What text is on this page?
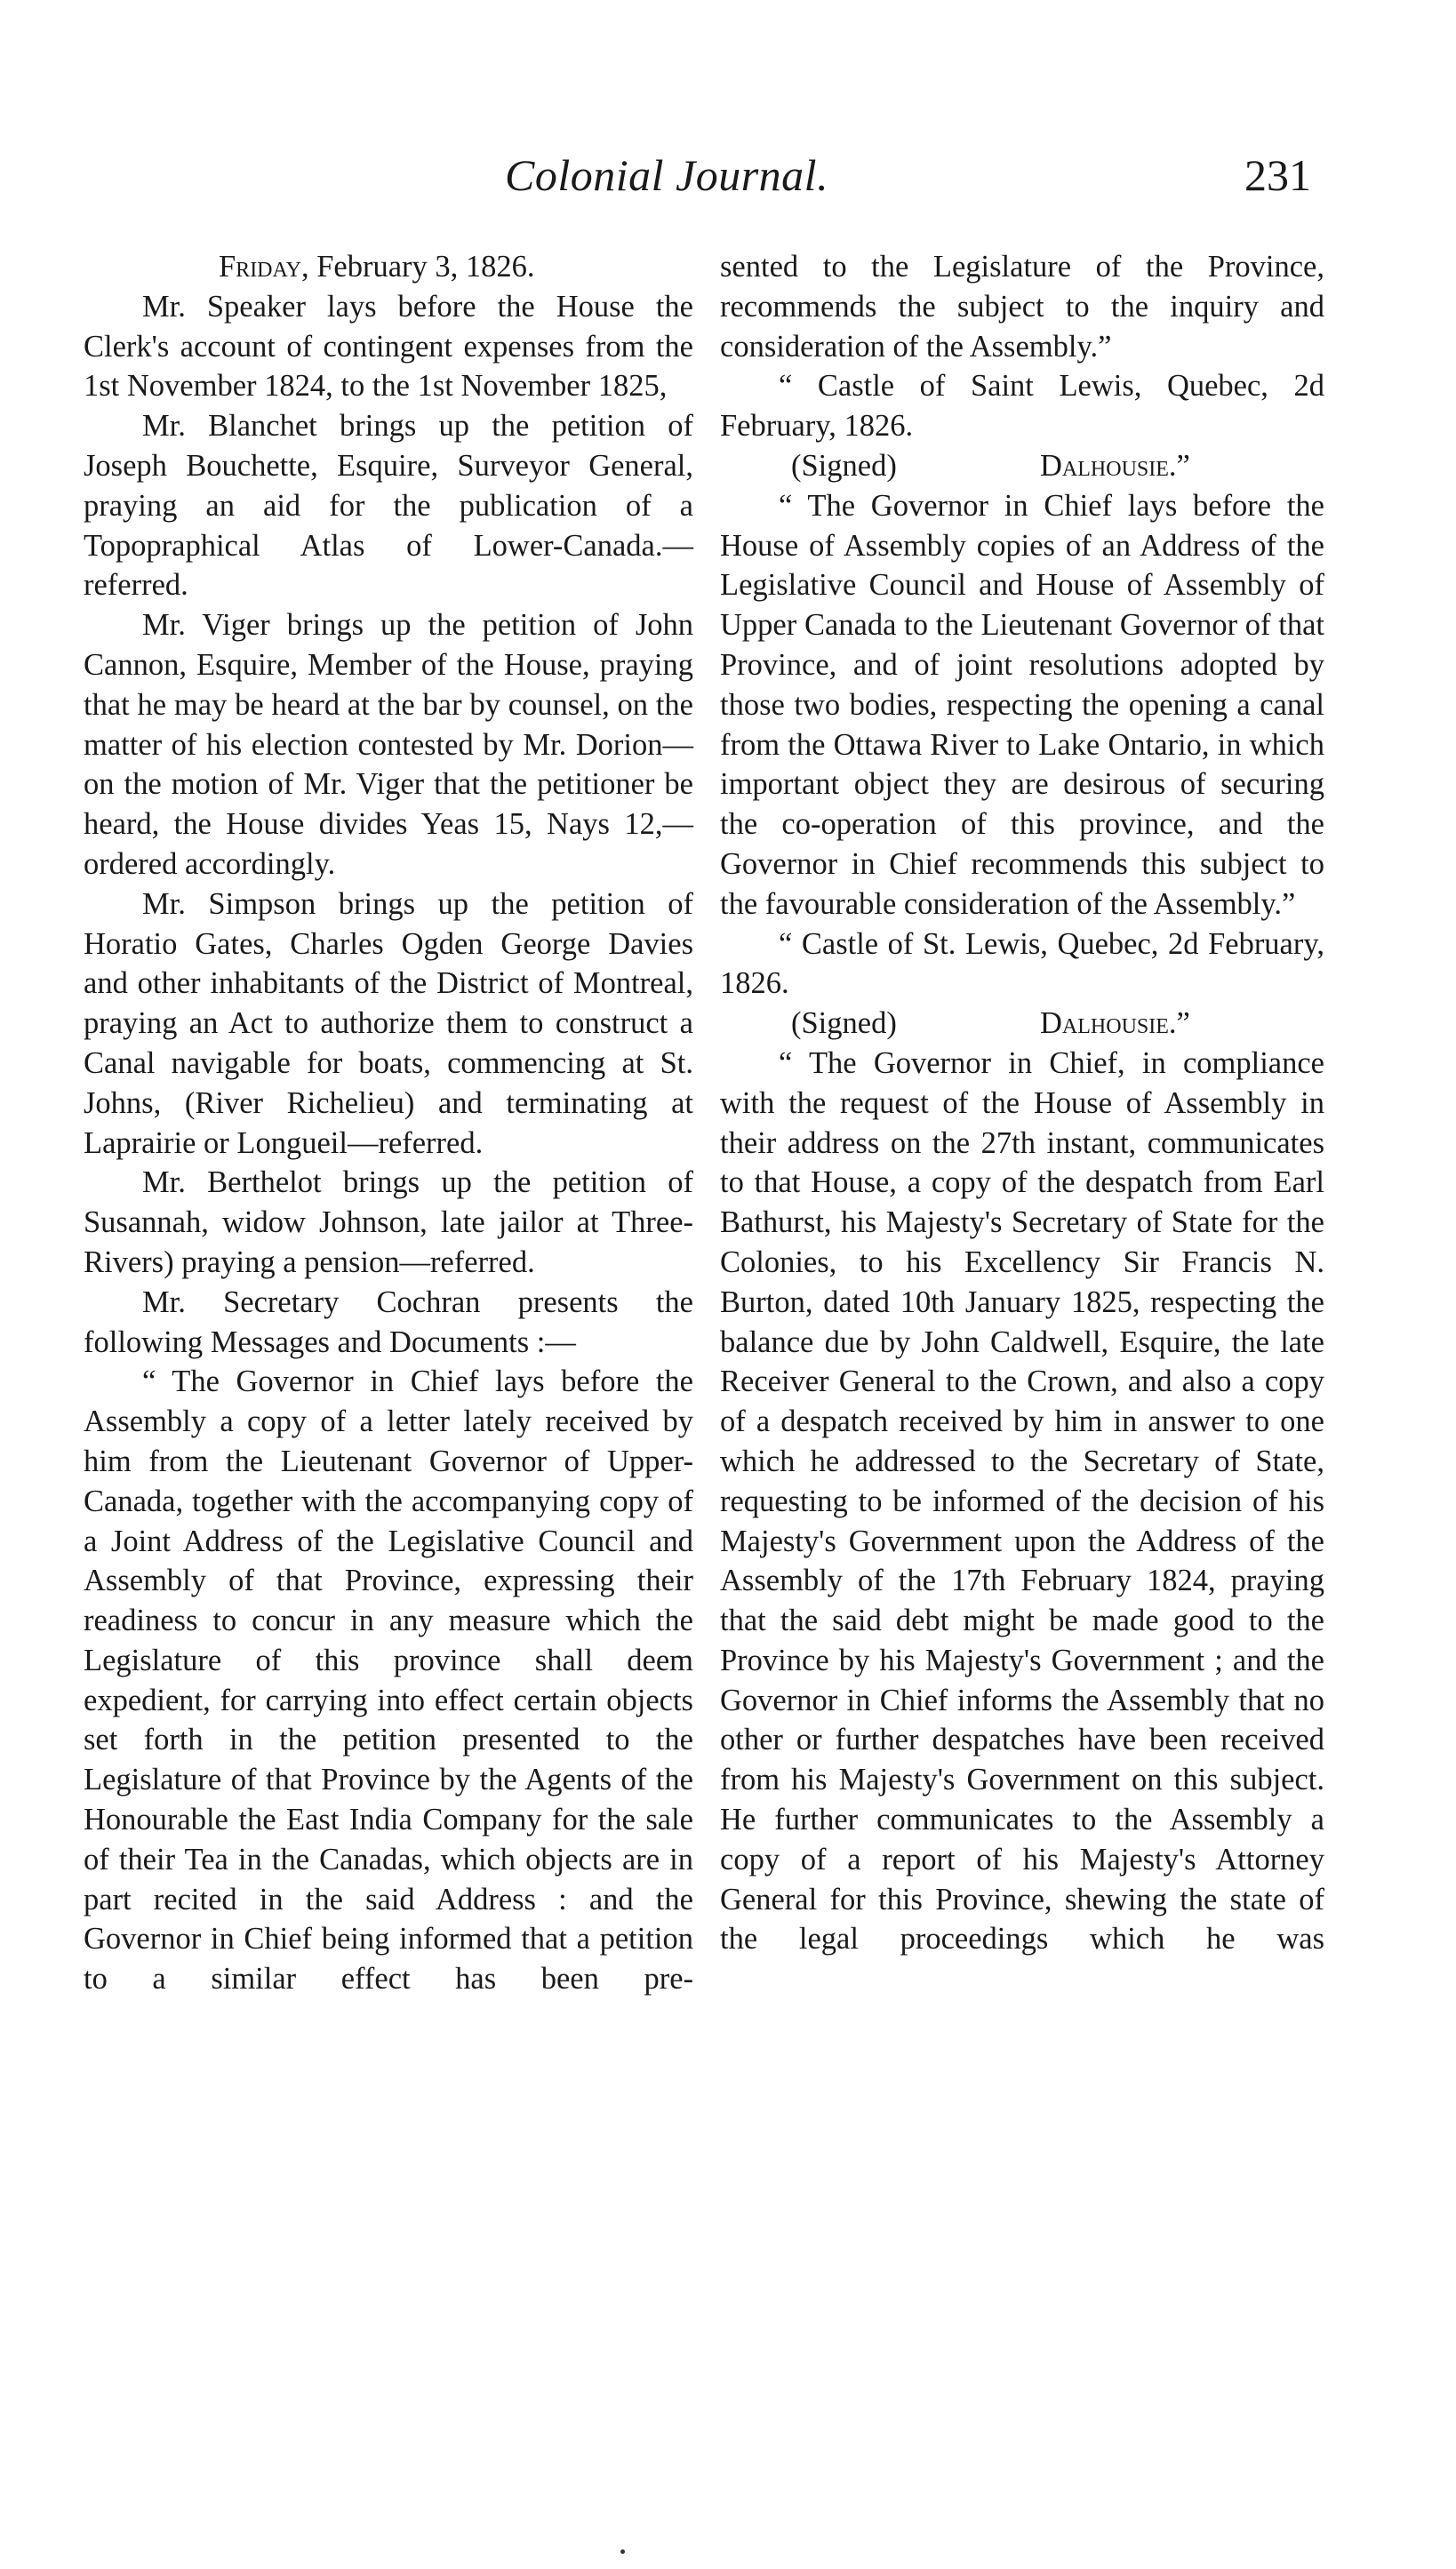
Colonial Journal.	231

Friday, February 3, 1826.

Mr. Speaker lays before the House the Clerk's account of contingent expenses from the 1st November 1824, to the 1st November 1825,

Mr. Blanchet brings up the petition of Joseph Bouchette, Esquire, Surveyor General, praying an aid for the publication of a Topopraphical Atlas of Lower-Canada.—referred.

Mr. Viger brings up the petition of John Cannon, Esquire, Member of the House, praying that he may be heard at the bar by counsel, on the matter of his election contested by Mr. Dorion—on the motion of Mr. Viger that the petitioner be heard, the House divides Yeas 15, Nays 12,—ordered accordingly.

Mr. Simpson brings up the petition of Horatio Gates, Charles Ogden George Davies and other inhabitants of the District of Montreal, praying an Act to authorize them to construct a Canal navigable for boats, commencing at St. Johns, (River Richelieu) and terminating at Laprairie or Longueil—referred.

Mr. Berthelot brings up the petition of Susannah, widow Johnson, late jailor at Three-Rivers) praying a pension—referred.

Mr. Secretary Cochran presents the following Messages and Documents :—

“ The Governor in Chief lays before the Assembly a copy of a letter lately received by him from the Lieutenant Governor of Upper-Canada, together with the accompanying copy of a Joint Address of the Legislative Council and Assembly of that Province, expressing their readiness to concur in any measure which the Legislature of this province shall deem expedient, for carrying into effect certain objects set forth in the petition presented to the Legislature of that Province by the Agents of the Honourable the East India Company for the sale of their Tea in the Canadas, which objects are in part recited in the said Address : and the Governor in Chief being informed that a petition to a similar effect has been pre-

sented to the Legislature of the Province, recommends the subject to the inquiry and consideration of the Assembly.”

“ Castle of Saint Lewis, Quebec, 2d February, 1826.

(Signed)	Dalhousie.”

“ The Governor in Chief lays before the House of Assembly copies of an Address of the Legislative Council and House of Assembly of Upper Canada to the Lieutenant Governor of that Province, and of joint resolutions adopted by those two bodies, respecting the opening a canal from the Ottawa River to Lake Ontario, in which important object they are desirous of securing the co-operation of this province, and the Governor in Chief recommends this subject to the favourable consideration of the Assembly.”

“ Castle of St. Lewis, Quebec, 2d February, 1826.

(Signed)	Dalhousie.”

“ The Governor in Chief, in compliance with the request of the House of Assembly in their address on the 27th instant, communicates to that House, a copy of the despatch from Earl Bathurst, his Majesty's Secretary of State for the Colonies, to his Excellency Sir Francis N. Burton, dated 10th January 1825, respecting the balance due by John Caldwell, Esquire, the late Receiver General to the Crown, and also a copy of a despatch received by him in answer to one which he addressed to the Secretary of State, requesting to be informed of the decision of his Majesty's Government upon the Address of the Assembly of the 17th February 1824, praying that the said debt might be made good to the Province by his Majesty's Government ; and the Governor in Chief informs the Assembly that no other or further despatches have been received from his Majesty's Government on this subject. He further communicates to the Assembly a copy of a report of his Majesty's Attorney General for this Province, shewing the state of the legal proceedings which he was
